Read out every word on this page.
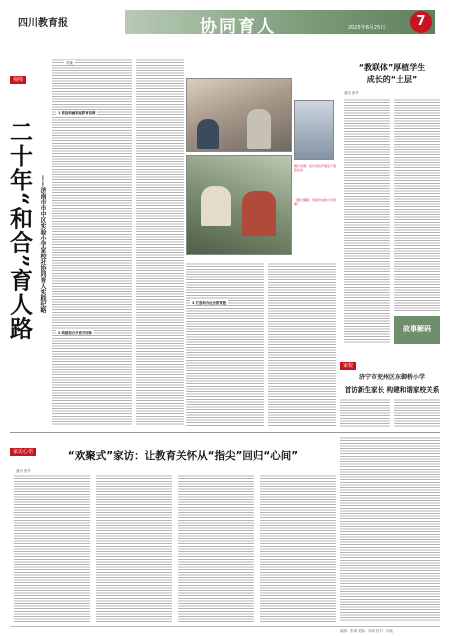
四川教育报	协同育人	2025年8月25日	7
视线
二十年“和合”育人路 ——济南市市中区实验小学家校社协同育人实践纪略
1 营造和融家庭教育氛围
2 构建和合共育共同体
学校
图片说明：家长学校开展亲子阅读活动
（图片摄影：济南市实验小学供图）
3 打造和合社会教育链
“教联体”厚植学生
成长的“土层”
通讯 张华
故事解码
家校
济宁市兖州区东御桥小学
首访新生家长 构建和谐家校关系
家访心语	“欢聚式”家访：让教育关怀从“指尖”回归“心间”
通讯 张华
编辑：张琳 美编：杨倩 校对：何纯
